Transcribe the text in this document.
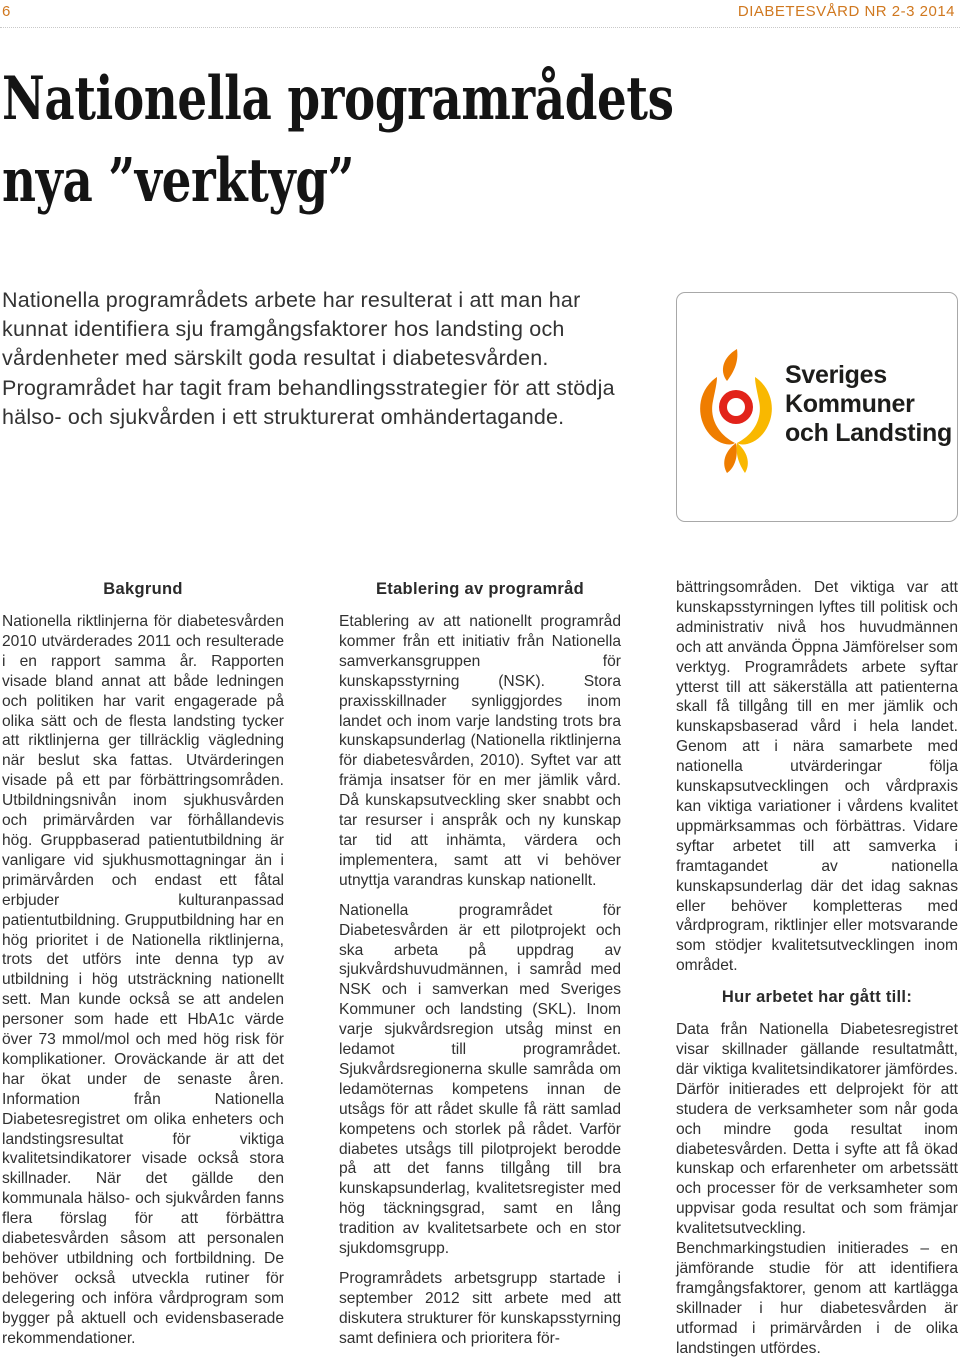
6	DIABETESVÅRD NR 2-3 2014
Nationella programrådets
nya ”verktyg”
Nationella programrådets arbete har resulterat i att man har kunnat identifiera sju framgångsfaktorer hos landsting och vårdenheter med särskilt goda resultat i diabetesvården. Programrådet har tagit fram behandlingsstrategier för att stödja hälso- och sjukvården i ett strukturerat omhändertagande.
Sveriges
Kommuner
och Landsting
Bakgrund

Nationella riktlinjerna för diabetesvården 2010 utvärderades 2011 och resulterade i en rapport samma år. Rapporten visade bland annat att både ledningen och politiken har varit engagerade på olika sätt och de flesta landsting tycker att riktlinjerna ger tillräcklig vägledning när beslut ska fattas. Utvärderingen visade på ett par förbättringsområden. Utbildningsnivån inom sjukhusvården och primärvården var förhållandevis hög. Gruppbaserad patientutbildning är vanligare vid sjukhusmottagningar än i primärvården och endast ett fåtal erbjuder kulturanpassad patientutbildning. Grupputbildning har en hög prioritet i de Nationella riktlinjerna, trots det utförs inte denna typ av utbildning i hög utsträckning nationellt sett. Man kunde också se att andelen personer som hade ett HbA1c värde över 73 mmol/mol och med hög risk för komplikationer. Oroväckande är att det har ökat under de senaste åren. Information från Nationella Diabetesregistret om olika enheters och landstingsresultat för viktiga kvalitetsindikatorer visade också stora skillnader. När det gällde den kommunala hälso- och sjukvården fanns flera förslag för att förbättra diabetesvården såsom att personalen behöver utbildning och fortbildning. De behöver också utveckla rutiner för delegering och införa vårdprogram som bygger på aktuell och evidensbaserade rekommendationer.

Etablering av programråd

Etablering av att nationellt programråd kommer från ett initiativ från Nationella samverkansgruppen för kunskapsstyrning (NSK). Stora praxisskillnader synliggjordes inom landet och inom varje landsting trots bra kunskapsunderlag (Nationella riktlinjerna för diabetesvården, 2010). Syftet var att främja insatser för en mer jämlik vård. Då kunskapsutveckling sker snabbt och tar resurser i anspråk och ny kunskap tar tid att inhämta, värdera och implementera, samt att vi behöver utnyttja varandras kunskap nationellt.

Nationella programrådet för Diabetesvården är ett pilotprojekt och ska arbeta på uppdrag av sjukvårdshuvudmännen, i samråd med NSK och i samverkan med Sveriges Kommuner och landsting (SKL). Inom varje sjukvårdsregion utsåg minst en ledamot till programrådet. Sjukvårdsregionerna skulle samråda om ledamöternas kompetens innan de utsågs för att rådet skulle få rätt samlad kompetens och storlek på rådet. Varför diabetes utsågs till pilotprojekt berodde på att det fanns tillgång till bra kunskapsunderlag, kvalitetsregister med hög täckningsgrad, samt en lång tradition av kvalitetsarbete och en stor sjukdomsgrupp.

Programrådets arbetsgrupp startade i september 2012 sitt arbete med att diskutera strukturer för kunskapsstyrning samt definiera och prioritera för-

bättringsområden. Det viktiga var att kunskapsstyrningen lyftes till politisk och administrativ nivå hos huvudmännen och att använda Öppna Jämförelser som verktyg. Programrådets arbete syftar ytterst till att säkerställa att patienterna skall få tillgång till en mer jämlik och kunskapsbaserad vård i hela landet. Genom att i nära samarbete med nationella utvärderingar följa kunskapsutvecklingen och vårdpraxis kan viktiga variationer i vårdens kvalitet uppmärksammas och förbättras. Vidare syftar arbetet till att samverka i framtagandet av nationella kunskapsunderlag där det idag saknas eller behöver kompletteras med vårdprogram, riktlinjer eller motsvarande som stödjer kvalitetsutvecklingen inom området.

Hur arbetet har gått till:

Data från Nationella Diabetesregistret visar skillnader gällande resultatmått, där viktiga kvalitetsindikatorer jämfördes. Därför initierades ett delprojekt för att studera de verksamheter som når goda och mindre goda resultat inom diabetesvården. Detta i syfte att få ökad kunskap och erfarenheter om arbetssätt och processer för de verksamheter som uppvisar goda resultat och som främjar kvalitetsutveckling. Benchmarkingstudien initierades – en jämförande studie för att identifiera framgångsfaktorer, genom att kartlägga skillnader i hur diabetesvården är utformad i primärvården i de olika landstingen utfördes.
